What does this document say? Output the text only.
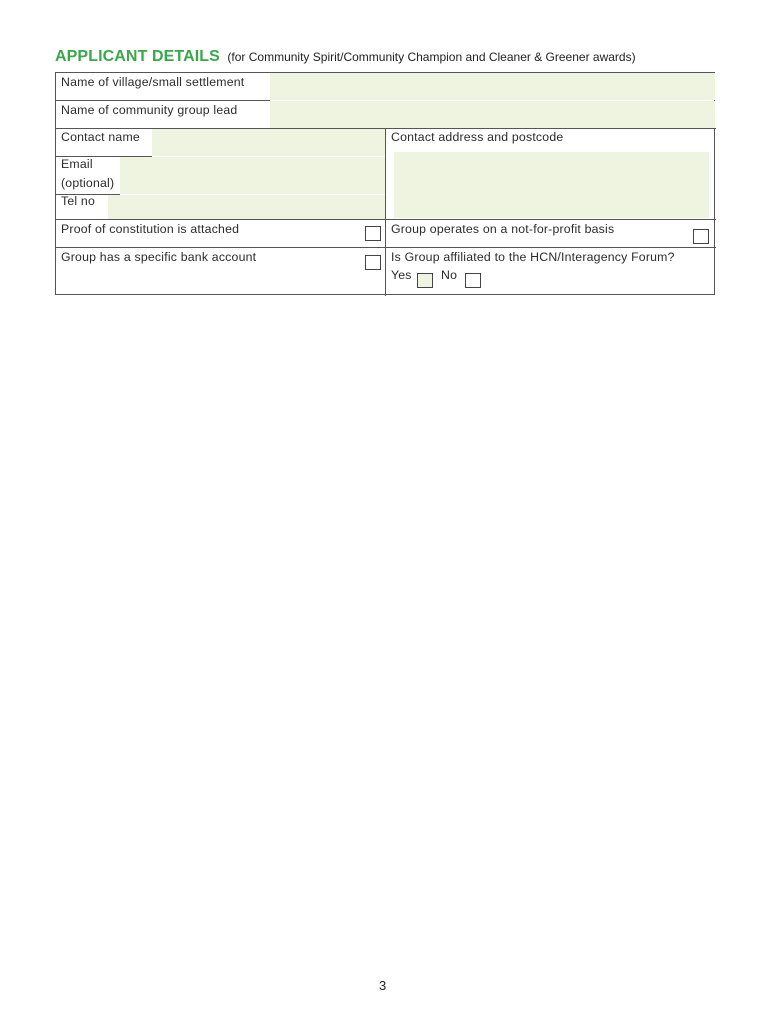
APPLICANT DETAILS (for Community Spirit/Community Champion and Cleaner & Greener awards)
Name of village/small settlement
Name of community group lead
Contact name
Email
(optional)
Tel no
Contact address and postcode
Proof of constitution is attached	Group operates on a not-for-profit basis
Group has a specific bank account	Is Group affiliated to the HCN/Interagency Forum?
Yes No
3
